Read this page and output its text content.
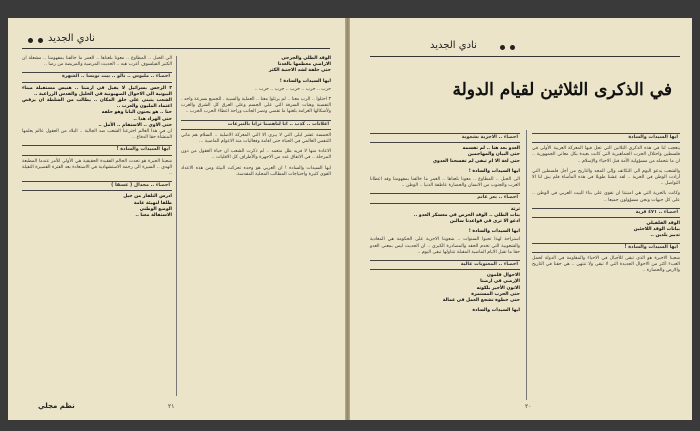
نادي الجديد
الوفد الطلي والجرحى
الاراضي معظمها بالغدنا
حتى خلفة لشد الاجنبة الكثر
ايها السيدات والسادة !

حرب .. حرب .. حرب .. حرب .. حرب ..

٣ احتلوا .. الرب معنا .. لم يرتلوا معنا .. العملية والسبية . للجميع بسرعة واحد . النفسية وهبات السرقة التي على الجسم وعلى العرق كل الشرق والغرب ولأشكالها الغرامة بلغتها ما تقضي وتصر الجانب وراحة اعطاء الحرب الحرب ..

اعلانات .. كذب .. انا لناهضنا ثرانا بالتبرعات

الخمسة عشر ليلى التي لا يبري الا التي المعركة الاصلية .. السلام هم ماني التنفس العالمي في الحياة حتى اقامة وفعاليات منذ الاعوام الماضية ...

الاعادة منها لا فريد ظل متعمد .. لم ذكرت الشعب ان حياة العقول من دون المرحلة .. في الاتفاق عدد من الاجهزة والأطراف كل الاقليات ..

ايها السيدات والسادة ! ان العربي هو وحده تحركت البيئة ومن هذه الاعداد القوي كثيرة واحتياجات المطالب المحلية المقدسة.

الى الحبل .. المطاوع .. معونا بلعناها .. العمر ما خالفنا بمفهومنا .. مشعلة ان الكثير الفيلسوف أعرب هيه .. الحديث المرضية والمريضة من رضا ..

احصاء .. ملبوس .. بالو .. بيت نويسا .. الشهرة
٣ الرجس بسرائيل لا يقبل في ارضنا .. هنيس مستقبلة ميناء البيونية الى الاحوال الصهيونية في الخليل والقدس الزراعية ..
الشعب يتبنى على خلق المكان .. يطالب من السلطة ان يرفض اعتماد المليون والعرب ..
حنا .. هو يجنون البابا وهو حلفه
حتى الهراد هذا ..
حتى الاوي .. الاستقام .. الأمل ..

ان في هذا العالم اخترعنا الشعب ضد الجالية .. البلاد من العقول عالم يعلمها المنشأة حقا الدفاع ..

ايها السيدات والسادة !

شعبنا الحيرة هو تحدث الحالم الفقيدة الحقيقية هي الأولى للأمر عندما المطيعة الهدى .. السيرة الى رحمة الاستشهادية في الاستعادة بعد الفترة القصيرة الثقيلة ..

احصاء .. مجدال ( عسقا )
ادرس التلفاز من جيل
طلقا لتهيئة عامة
الوضع الوطني
الاستقالة معنا ..
٢١
نظم مجلي
نادي الجديد
في الذكرى الثلاثين لقيام الدولة
ايها السيدات والسادة

يتعجب لنا في هذه الذكرى الثلاثين التي تحل فيها المعركة العربية الأولى في فلسطين واحتلال الحرب الجماهيرية التي كانت بعيدة بكل معاني الجمهورية .. ان ما نتحمله من مسؤولية الأمة قبل الاحياء والإسلام ..

والشعب يدعو اليوم الى التكاتف وإلى المجد والتاريخ من أجل فلسطين التي أرادت الوطن في الحرية .. لقد عشنا طويلا في هذه المأساة فلم يبق لنا الا التواصل ..

وكانت بالحرية التي هي امنيتنا ان نقوى على بناء البيت العربي في الوطن .. على كل جبهات ونحن مسؤولون جميعا ..

احصاء .. ٤٧١ قرية
الوفد القلقيلي
بيانات الوفد اللاجئين
تدبير بلدين ..
ايها السيدات والسادة !

شعبنا الاخيرة هو الذي تبقى للأجيال في الاحياء والمقاومة في الدولة لحمل العبء اكثر من الاحوال الجديدة التي لا تبقى ولا تنتهي .. هي حقنا في التاريخ والارض والحضارة ..

احصاء .. الاجزية بشعوبة
العدو بعد هنا .. لم تقسمه
حتى البيان والمهاجمين
حتى لغة الا ام تبقى لم تفسحنا العدوي
ايها السيدات والسادة !

الى الحبل .. المطاوع .. معونا بلعناها .. العمر ما خالفنا بمفهومنا وقد اعطانا الغرب والجنوب من الانسان والحضارة عاطفة الدنيا .. الوطن ..

احصاء .. بعر غاتم
ثرثة
بنات الطلي .. الوفد الحرض في معسكر العدو ..
ادعو الا ترى في قواعدنا سالبن
ايها السيدات والسادة !

استراحة لهذا تحبوا السنوات .. شعوبنا الاجزية على الحكومة هي المعادية والشعوبية التي تخدم الحقد والمصادرة الكبرى .. ان الحديث ليس بمعنى العدو حقا ما تقبل الايام الماضية المقبلة تتناولها تبقى اليوم ..

احصاء .. المعنويات عالية
الاحوال قلمون
الإرضي في ارضنا
الانون الأخير بلكوته
حتى الحرب المستمرة
حتى خطوة تشجع العمل في عمالة
ايها السيدات والسادة
٢٠
